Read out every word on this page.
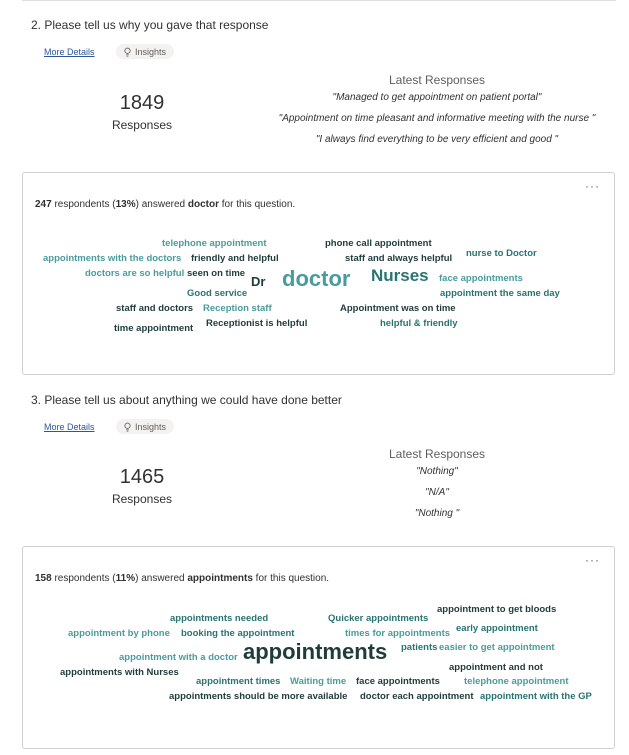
2. Please tell us why you gave that response
More Details	Insights
1849
Responses
Latest Responses
"Managed to get appointment on patient portal"
"Appointment on time pleasant and informative meeting with the nurse "
"I always find everything to be very efficient and good "
···
247 respondents (13%) answered doctor for this question.
telephone appointment	phone call appointment
appointments with the doctors friendly and helpful	staff and always helpful nurse to Doctor
doctors are so helpful seen on time
Dr doctor Nurses face appointments
Good service	appointment the same day
staff and doctors Reception staff	Appointment was on time
time appointment Receptionist is helpful	helpful & friendly
3. Please tell us about anything we could have done better
More Details	Insights
1465
Responses
Latest Responses
"Nothing"
"N/A"
"Nothing "
···
158 respondents (11%) answered appointments for this question.
appointments needed	Quicker appointments
appointment to get bloods
appointment by phone booking the appointment	times for appointments early appointment
patients easier to get appointment
appointment with a doctor appointments
appointment and not
appointments with Nurses
appointment times Waiting time face appointments	telephone appointment
appointments should be more available doctor each appointment appointment with the GP
